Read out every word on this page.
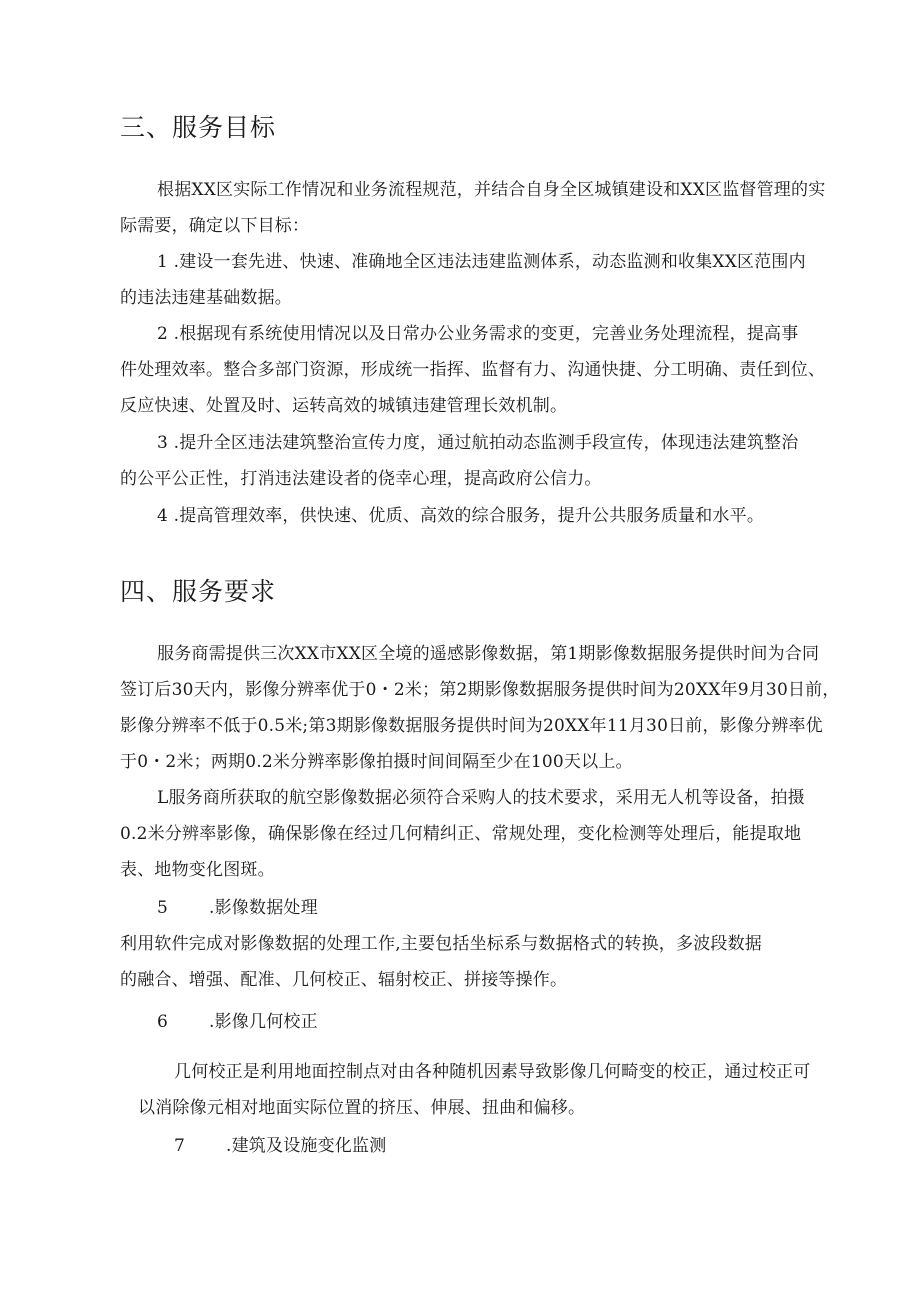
三、服务目标

根据XX区实际工作情况和业务流程规范，并结合自身全区城镇建设和XX区监督管理的实

际需要，确定以下目标：

1 .建设一套先进、快速、准确地全区违法违建监测体系，动态监测和收集XX区范围内

的违法违建基础数据。

2 .根据现有系统使用情况以及日常办公业务需求的变更，完善业务处理流程，提高事

件处理效率。整合多部门资源，形成统一指挥、监督有力、沟通快捷、分工明确、责任到位、

反应快速、处置及时、运转高效的城镇违建管理长效机制。

3 .提升全区违法建筑整治宣传力度，通过航拍动态监测手段宣传，体现违法建筑整治

的公平公正性，打消违法建设者的侥幸心理，提高政府公信力。

4 .提高管理效率，供快速、优质、高效的综合服务，提升公共服务质量和水平。

四、服务要求

服务商需提供三次XX市XX区全境的遥感影像数据，第1期影像数据服务提供时间为合同

签订后30天内，影像分辨率优于0・2米；第2期影像数据服务提供时间为20XX年9月30日前，

影像分辨率不低于0.5米;第3期影像数据服务提供时间为20XX年11月30日前，影像分辨率优

于0・2米；两期0.2米分辨率影像拍摄时间间隔至少在100天以上。

L服务商所获取的航空影像数据必须符合采购人的技术要求，采用无人机等设备，拍摄

0.2米分辨率影像，确保影像在经过几何精纠正、常规处理，变化检测等处理后，能提取地

表、地物变化图斑。

5 .影像数据处理

利用软件完成对影像数据的处理工作,主要包括坐标系与数据格式的转换，多波段数据

的融合、增强、配准、几何校正、辐射校正、拼接等操作。

6 .影像几何校正

几何校正是利用地面控制点对由各种随机因素导致影像几何畸变的校正，通过校正可

以消除像元相对地面实际位置的挤压、伸展、扭曲和偏移。

7 .建筑及设施变化监测
